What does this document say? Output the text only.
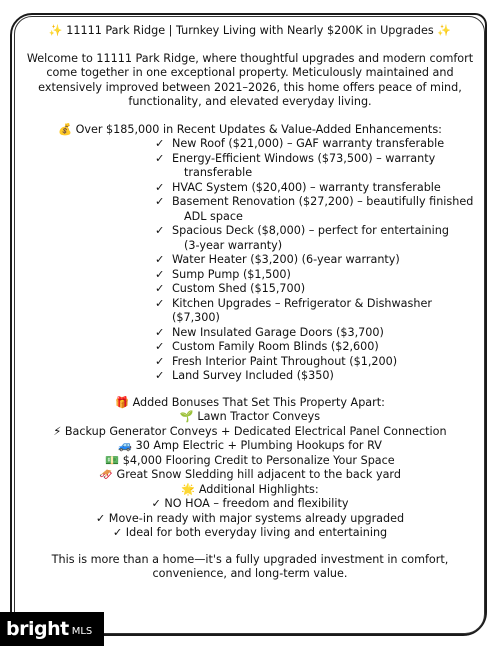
✨ 11111 Park Ridge | Turnkey Living with Nearly $200K in Upgrades ✨
Welcome to 11111 Park Ridge, where thoughtful upgrades and modern comfort come together in one exceptional property. Meticulously maintained and extensively improved between 2021–2026, this home offers peace of mind, functionality, and elevated everyday living.
💰 Over $185,000 in Recent Updates & Value-Added Enhancements:
✓ New Roof ($21,000) – GAF warranty transferable
✓ Energy-Efficient Windows ($73,500) – warranty
transferable
✓ HVAC System ($20,400) – warranty transferable
✓ Basement Renovation ($27,200) – beautifully finished
ADL space
✓ Spacious Deck ($8,000) – perfect for entertaining
(3-year warranty)
✓ Water Heater ($3,200) (6-year warranty)
✓ Sump Pump ($1,500)
✓ Custom Shed ($15,700)
✓ Kitchen Upgrades – Refrigerator & Dishwasher ($7,300)
✓ New Insulated Garage Doors ($3,700)
✓ Custom Family Room Blinds ($2,600)
✓ Fresh Interior Paint Throughout ($1,200)
✓ Land Survey Included ($350)
🎁 Added Bonuses That Set This Property Apart:
🌱 Lawn Tractor Conveys
⚡ Backup Generator Conveys + Dedicated Electrical Panel Connection
🚙 30 Amp Electric + Plumbing Hookups for RV
💵 $4,000 Flooring Credit to Personalize Your Space
🛷 Great Snow Sledding hill adjacent to the back yard
🌟 Additional Highlights:
✓ NO HOA – freedom and flexibility
✓ Move-in ready with major systems already upgraded
✓ Ideal for both everyday living and entertaining
This is more than a home—it's a fully upgraded investment in comfort, convenience, and long-term value.
bright MLS
